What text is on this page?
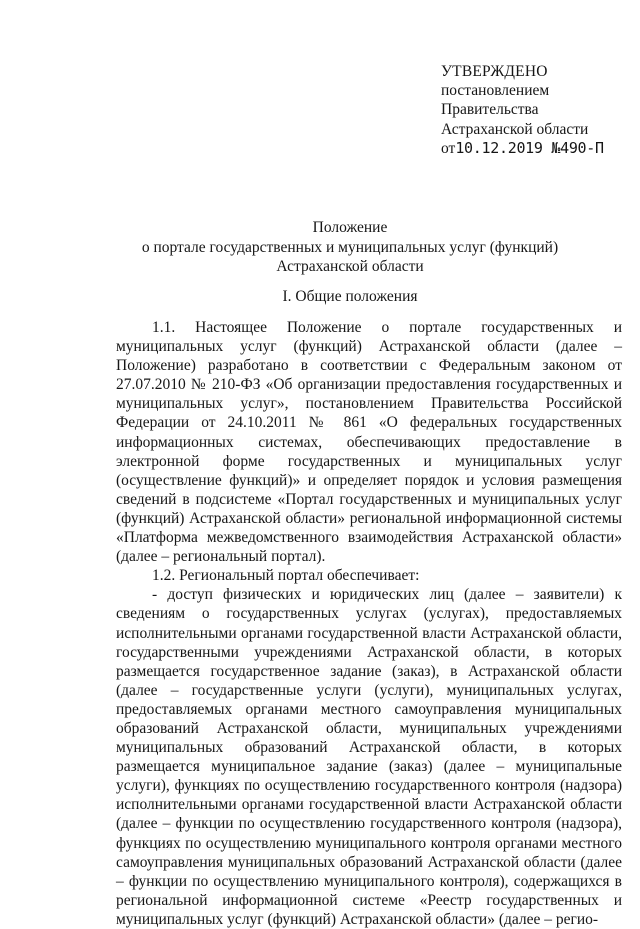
УТВЕРЖДЕНО
постановлением
Правительства
Астраханской области
от10.12.2019 №490-П
Положение
о портале государственных и муниципальных услуг (функций)
Астраханской области
I. Общие положения

1.1. Настоящее Положение о портале государственных и муниципальных услуг (функций) Астраханской области (далее – Положение) разработано в соответствии с Федеральным законом от 27.07.2010 № 210-ФЗ «Об организации предоставления государственных и муниципальных услуг», постановлением Правительства Российской Федерации от 24.10.2011 № 861 «О федеральных государственных информационных системах, обеспечивающих предоставление в электронной форме государственных и муниципальных услуг (осуществление функций)» и определяет порядок и условия размещения сведений в подсистеме «Портал государственных и муниципальных услуг (функций) Астраханской области» региональной информационной системы «Платформа межведомственного взаимодействия Астраханской области» (далее – региональный портал).

1.2. Региональный портал обеспечивает:

- доступ физических и юридических лиц (далее – заявители) к сведениям о государственных услугах (услугах), предоставляемых исполнительными органами государственной власти Астраханской области, государственными учреждениями Астраханской области, в которых размещается государственное задание (заказ), в Астраханской области (далее – государственные услуги (услуги), муниципальных услугах, предоставляемых органами местного самоуправления муниципальных образований Астраханской области, муниципальных учреждениями муниципальных образований Астраханской области, в которых размещается муниципальное задание (заказ) (далее – муниципальные услуги), функциях по осуществлению государственного контроля (надзора) исполнительными органами государственной власти Астраханской области (далее – функции по осуществлению государственного контроля (надзора), функциях по осуществлению муниципального контроля органами местного самоуправления муниципальных образований Астраханской области (далее – функции по осуществлению муниципального контроля), содержащихся в региональной информационной системе «Реестр государственных и муниципальных услуг (функций) Астраханской области» (далее – регио-
